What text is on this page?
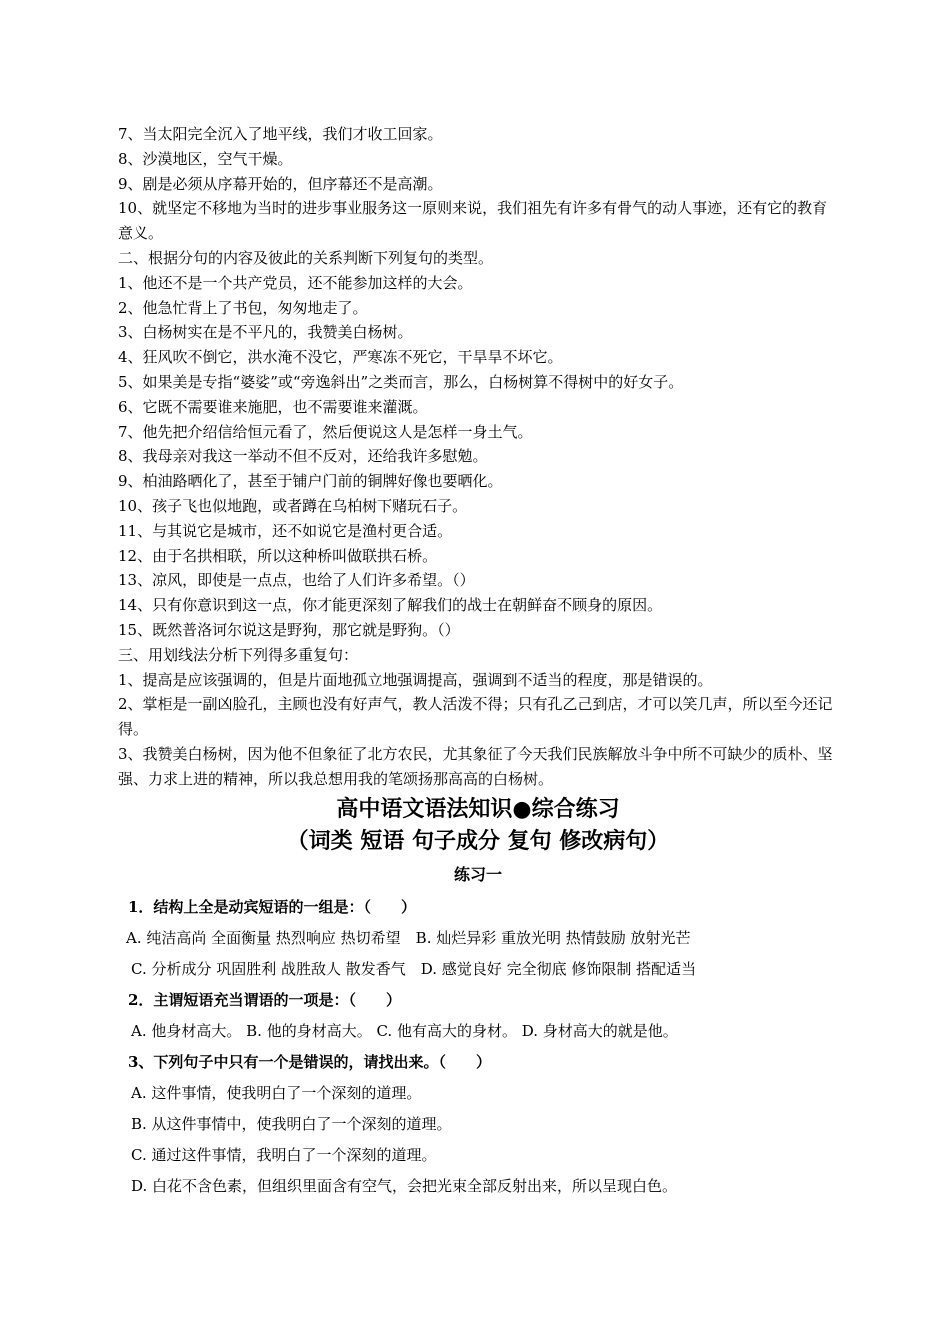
7、当太阳完全沉入了地平线，我们才收工回家。

8、沙漠地区，空气干燥。

9、剧是必须从序幕开始的，但序幕还不是高潮。

10、就坚定不移地为当时的进步事业服务这一原则来说，我们祖先有许多有骨气的动人事迹，还有它的教育意义。

二、根据分句的内容及彼此的关系判断下列复句的类型。

1、他还不是一个共产党员，还不能参加这样的大会。

2、他急忙背上了书包，匆匆地走了。

3、白杨树实在是不平凡的，我赞美白杨树。

4、狂风吹不倒它，洪水淹不没它，严寒冻不死它，干旱旱不坏它。

5、如果美是专指“婆娑”或“旁逸斜出”之类而言，那么，白杨树算不得树中的好女子。

6、它既不需要谁来施肥，也不需要谁来灌溉。

7、他先把介绍信给恒元看了，然后便说这人是怎样一身土气。

8、我母亲对我这一举动不但不反对，还给我许多慰勉。

9、柏油路晒化了，甚至于铺户门前的铜牌好像也要晒化。

10、孩子飞也似地跑，或者蹲在乌柏树下赌玩石子。

11、与其说它是城市，还不如说它是渔村更合适。

12、由于名拱相联，所以这种桥叫做联拱石桥。

13、凉风，即使是一点点，也给了人们许多希望。（）

14、只有你意识到这一点，你才能更深刻了解我们的战士在朝鲜奋不顾身的原因。

15、既然普洛诃尔说这是野狗，那它就是野狗。（）

三、用划线法分析下列得多重复句：

1、提高是应该强调的，但是片面地孤立地强调提高，强调到不适当的程度，那是错误的。

2、掌柜是一副凶脸孔，主顾也没有好声气，教人活泼不得；只有孔乙己到店，才可以笑几声，所以至今还记得。

3、我赞美白杨树，因为他不但象征了北方农民，尤其象征了今天我们民族解放斗争中所不可缺少的质朴、坚强、力求上进的精神，所以我总想用我的笔颂扬那高高的白杨树。

高中语文语法知识●综合练习

（词类 短语 句子成分 复句 修改病句）

练习一

1．结构上全是动宾短语的一组是：（　　）

A. 纯洁高尚 全面衡量 热烈响应 热切希望　B. 灿烂异彩 重放光明 热情鼓励 放射光芒

C. 分析成分 巩固胜利 战胜敌人 散发香气　D. 感觉良好 完全彻底 修饰限制 搭配适当

2．主谓短语充当谓语的一项是：（　　）

A. 他身材高大。 B. 他的身材高大。 C. 他有高大的身材。 D. 身材高大的就是他。

3、下列句子中只有一个是错误的，请找出来。（　　）

A. 这件事情，使我明白了一个深刻的道理。

B. 从这件事情中，使我明白了一个深刻的道理。

C. 通过这件事情，我明白了一个深刻的道理。

D. 白花不含色素，但组织里面含有空气，会把光束全部反射出来，所以呈现白色。
